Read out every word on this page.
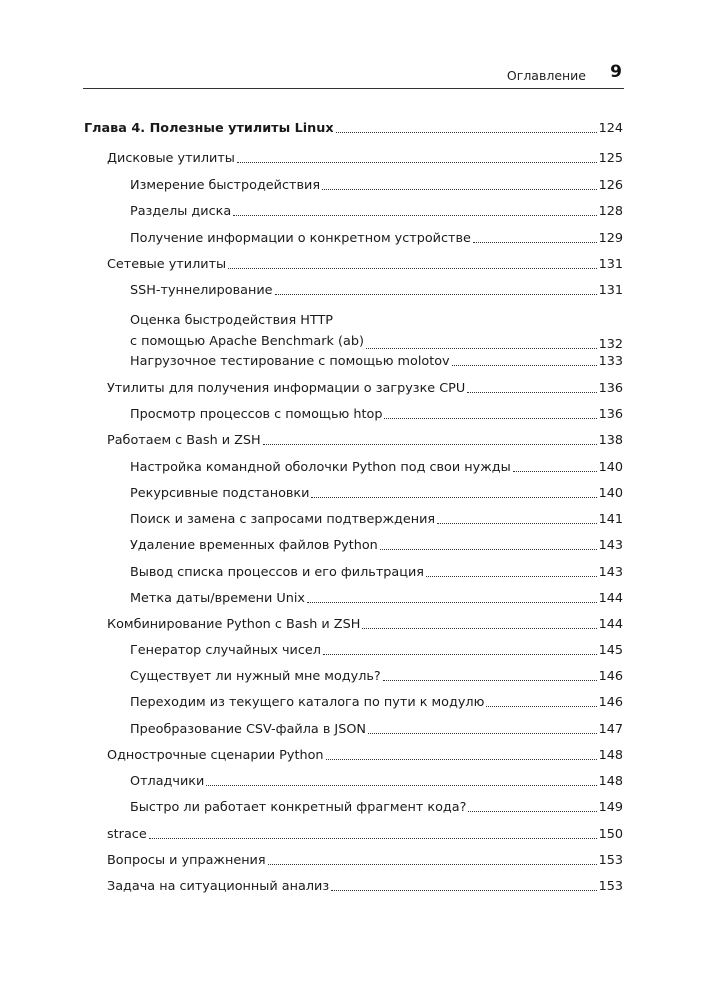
Оглавление 9
Глава 4. Полезные утилиты Linux	124
Дисковые утилиты	125
Измерение быстродействия	126
Разделы диска	128
Получение информации о конкретном устройстве	129
Сетевые утилиты	131
SSH-туннелирование	131
Оценка быстродействия HTTP
с помощью Apache Benchmark (ab)	132
Нагрузочное тестирование с помощью molotov	133
Утилиты для получения информации о загрузке CPU	136
Просмотр процессов с помощью htop	136
Работаем с Bash и ZSH	138
Настройка командной оболочки Python под свои нужды	140
Рекурсивные подстановки	140
Поиск и замена с запросами подтверждения	141
Удаление временных файлов Python	143
Вывод списка процессов и его фильтрация	143
Метка даты/времени Unix	144
Комбинирование Python с Bash и ZSH	144
Генератор случайных чисел	145
Существует ли нужный мне модуль?	146
Переходим из текущего каталога по пути к модулю	146
Преобразование CSV-файла в JSON	147
Однострочные сценарии Python	148
Отладчики	148
Быстро ли работает конкретный фрагмент кода?	149
strace	150
Вопросы и упражнения	153
Задача на ситуационный анализ	153
